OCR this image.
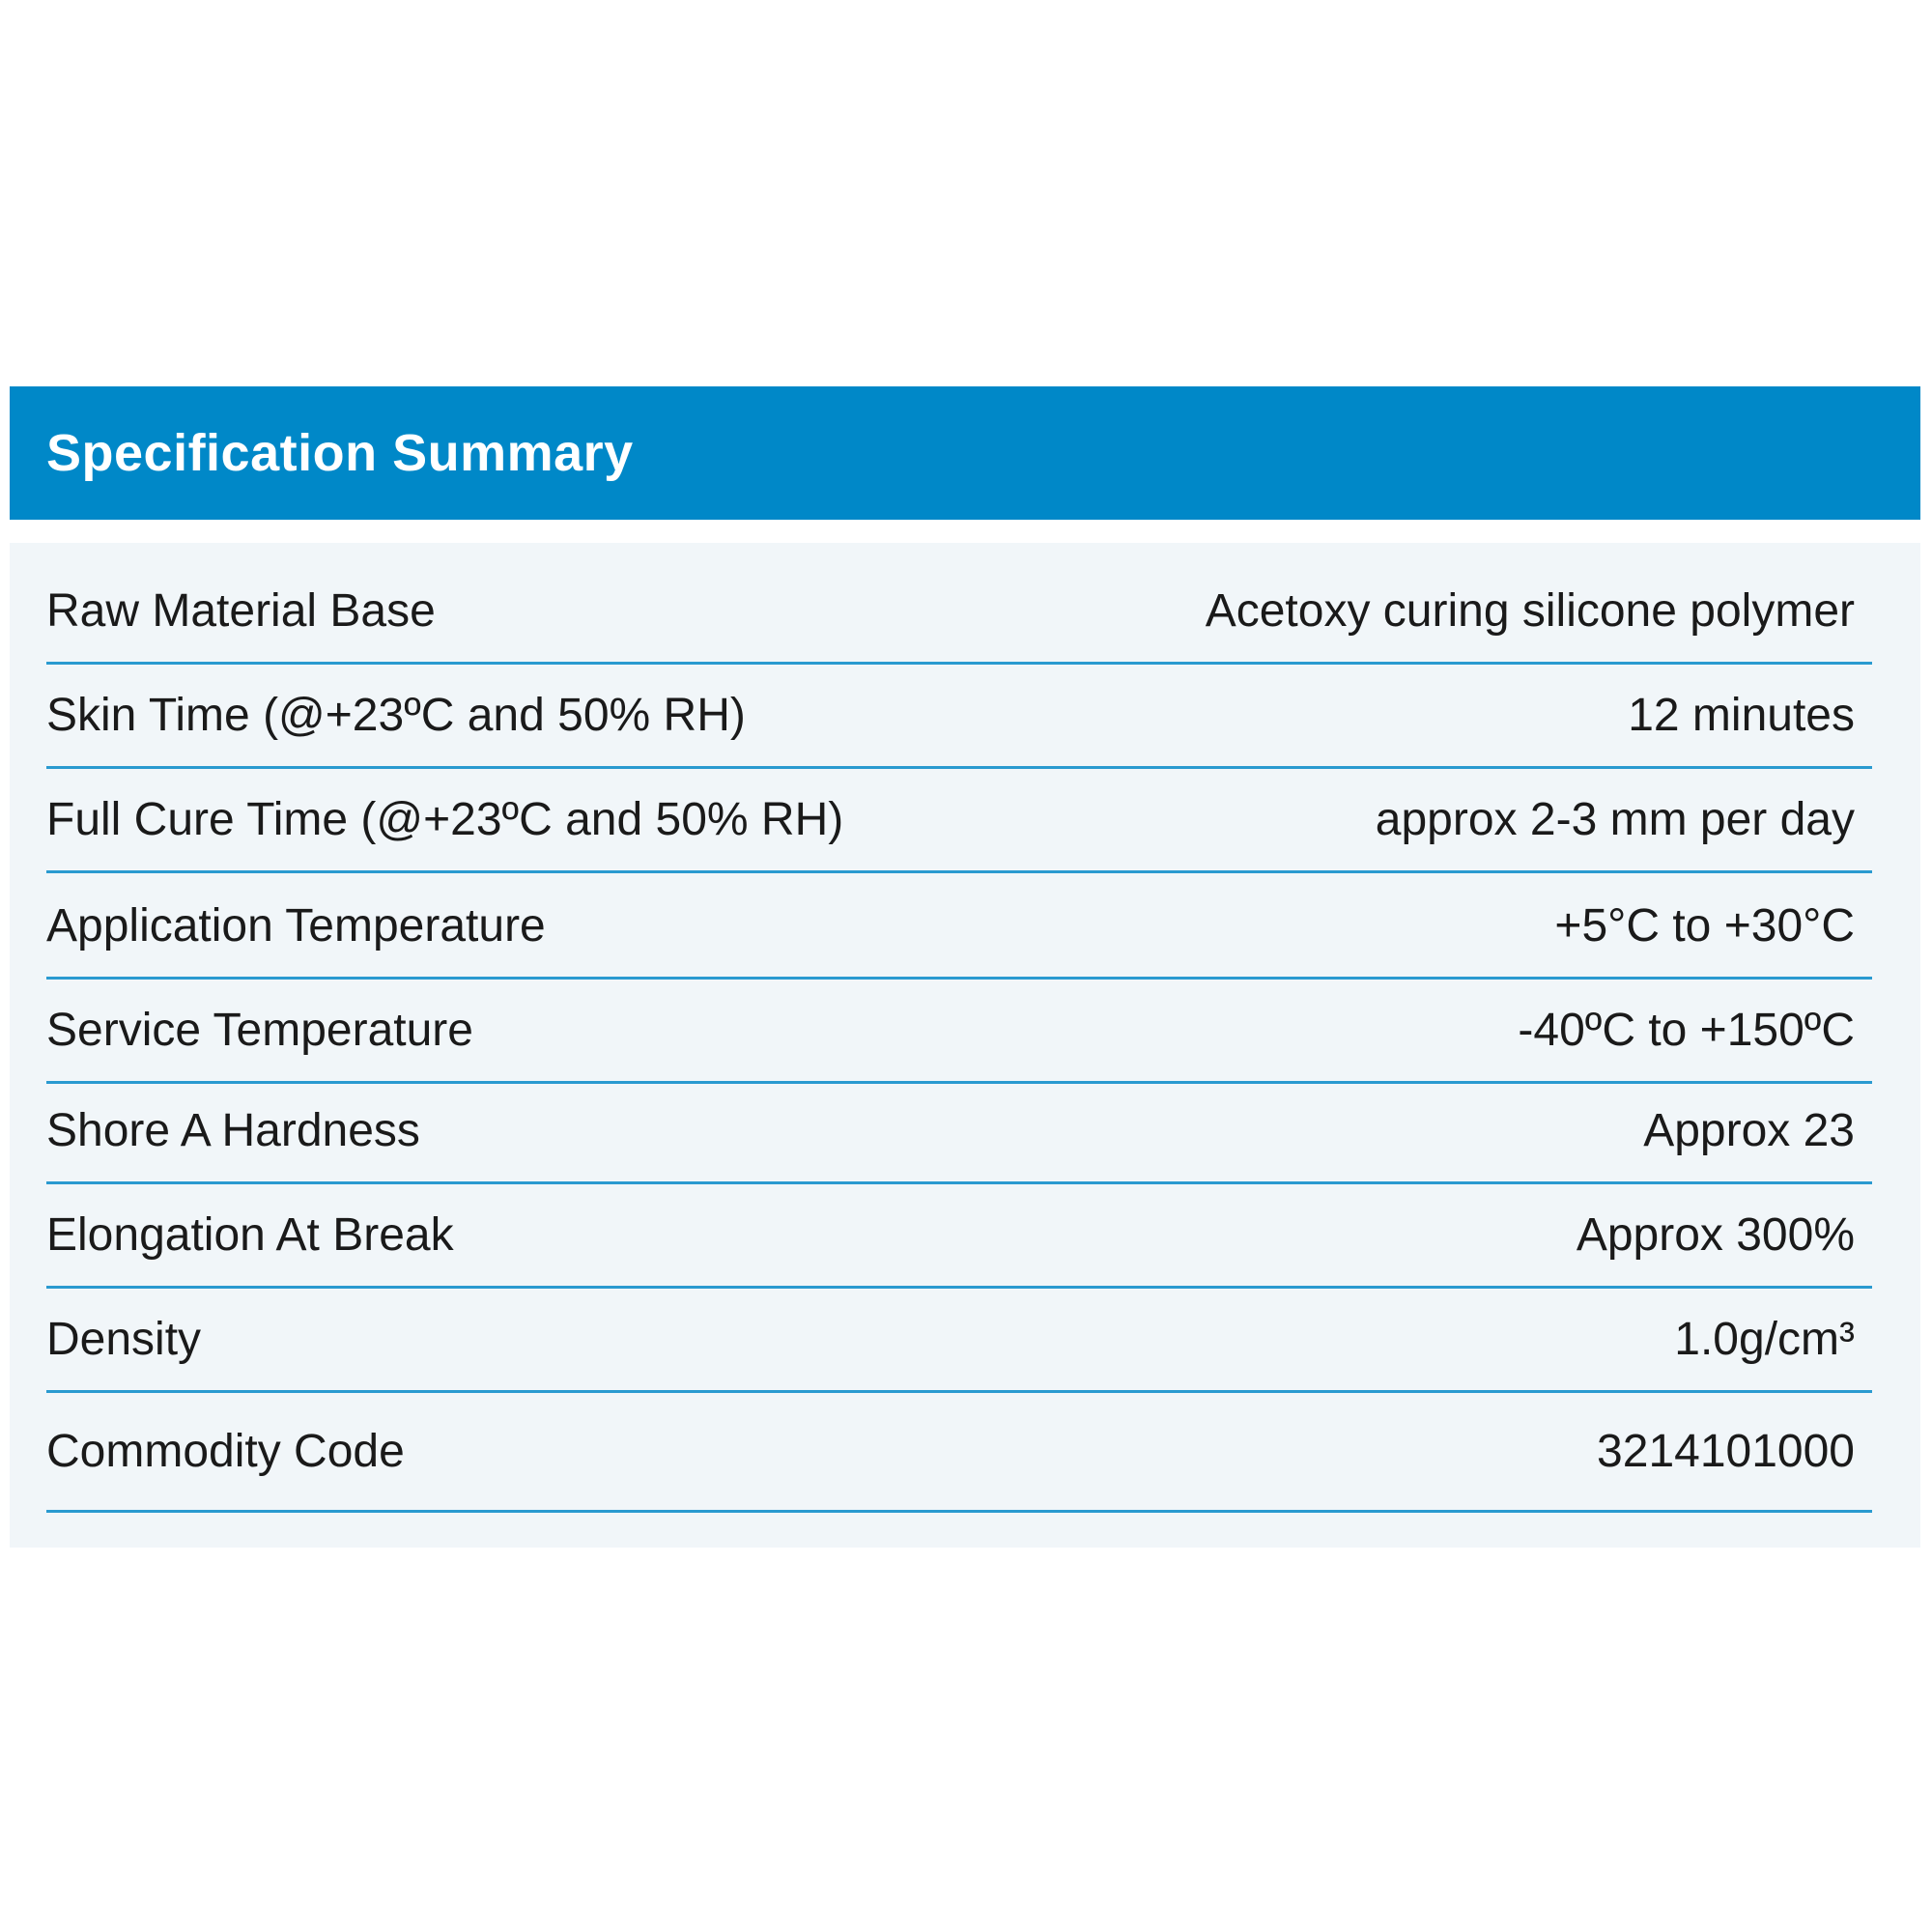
Specification Summary
Raw Material Base	Acetoxy curing silicone polymer
Skin Time (@+23ºC and 50% RH)	12 minutes
Full Cure Time (@+23ºC and 50% RH)	approx 2-3 mm per day
Application Temperature	+5°C to +30°C
Service Temperature	-40ºC to +150ºC
Shore A Hardness	Approx 23
Elongation At Break	Approx 300%
Density	1.0g/cm³
Commodity Code	3214101000
